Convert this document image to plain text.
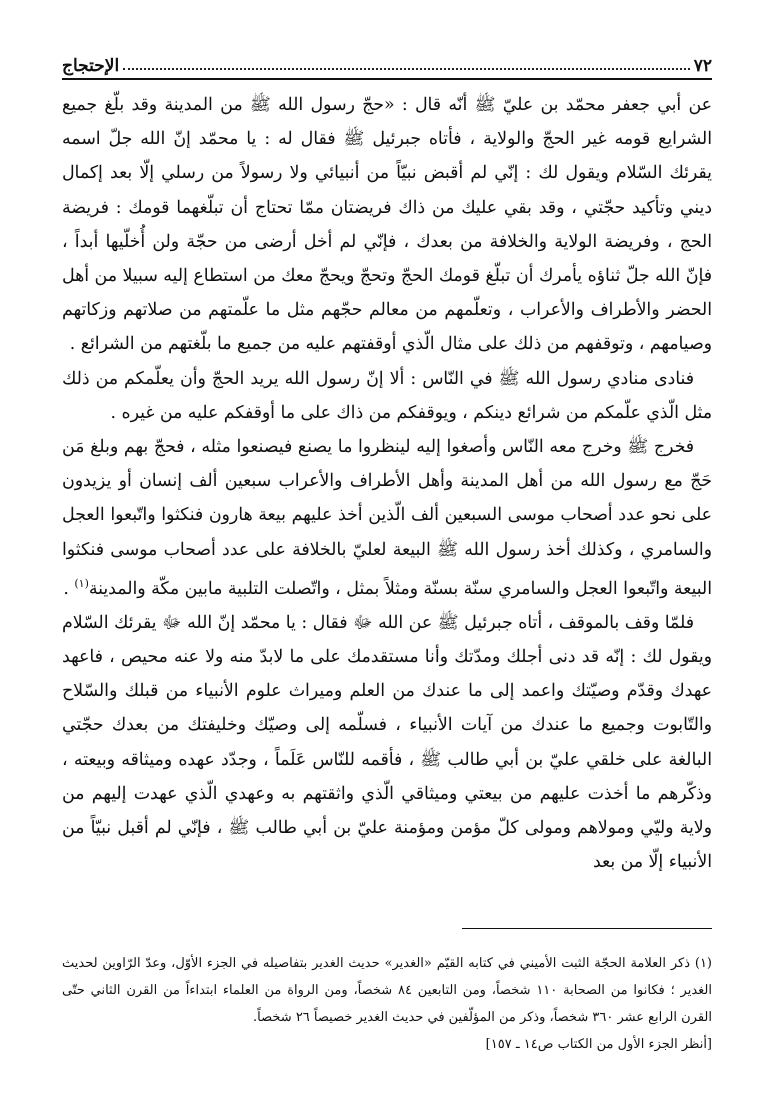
٧٢
الإحتجاج

عن أبي جعفر محمّد بن عليّ ﷺ أنّه قال : «حجّ رسول الله ﷺ من المدينة وقد بلّغ جميع الشرايع قومه غير الحجّ والولاية ، فأتاه جبرئيل ﷺ فقال له : يا محمّد إنّ الله جلّ اسمه يقرئك السّلام ويقول لك : إنّي لم أقبض نبيّاً من أنبيائي ولا رسولاً من رسلي إلّا بعد إكمال ديني وتأكيد حجّتي ، وقد بقي عليك من ذاك فريضتان ممّا تحتاج أن تبلّغهما قومك : فريضة الحج ، وفريضة الولاية والخلافة من بعدك ، فإنّي لم أخل أرضى من حجّة ولن أُخلّيها أبداً ، فإنّ الله جلّ ثناؤه يأمرك أن تبلّغ قومك الحجّ وتحجّ ويحجّ معك من استطاع إليه سبيلا من أهل الحضر والأطراف والأعراب ، وتعلّمهم من معالم حجّهم مثل ما علّمتهم من صلاتهم وزكاتهم وصيامهم ، وتوقفهم من ذلك على مثال الّذي أوقفتهم عليه من جميع ما بلّغتهم من الشرائع .

فنادى منادي رسول الله ﷺ في النّاس : ألا إنّ رسول الله يريد الحجّ وأن يعلّمكم من ذلك مثل الّذي علّمكم من شرائع دينكم ، ويوقفكم من ذاك على ما أوقفكم عليه من غيره .

فخرج ﷺ وخرج معه النّاس وأصغوا إليه لينظروا ما يصنع فيصنعوا مثله ، فحجّ بهم وبلغ مَن حَجّ مع رسول الله من أهل المدينة وأهل الأطراف والأعراب سبعين ألف إنسان أو يزيدون على نحو عدد أصحاب موسى السبعين ألف الّذين أخذ عليهم بيعة هارون فنكثوا واتّبعوا العجل والسامري ، وكذلك أخذ رسول الله ﷺ البيعة لعليّ بالخلافة على عدد أصحاب موسى فنكثوا البيعة واتّبعوا العجل والسامري سنّة بسنّة ومثلاً بمثل ، واتّصلت التلبية مابين مكّة والمدينة$^{(١)}$ .

فلمّا وقف بالموقف ، أتاه جبرئيل ﷺ عن الله ﷻ فقال : يا محمّد إنّ الله ﷻ يقرئك السّلام ويقول لك : إنّه قد دنى أجلك ومدّتك وأنا مستقدمك على ما لابدّ منه ولا عنه محيص ، فاعهد عهدك وقدّم وصيّتك واعمد إلى ما عندك من العلم وميراث علوم الأنبياء من قبلك والسّلاح والتّابوت وجميع ما عندك من آيات الأنبياء ، فسلّمه إلى وصيّك وخليفتك من بعدك حجّتي البالغة على خلقي عليّ بن أبي طالب ﷺ ، فأقمه للنّاس عَلَماً ، وجدّد عهده وميثاقه وبيعته ، وذكّرهم ما أخذت عليهم من بيعتي وميثاقي الّذي واثقتهم به وعهدي الّذي عهدت إليهم من ولاية وليّي ومولاهم ومولى كلّ مؤمن ومؤمنة عليّ بن أبي طالب ﷺ ، فإنّي لم أقبل نبيّاً من الأنبياء إلّا من بعد

(١) ذكر العلامة الحجّة الثبت الأميني في كتابه القيّم «الغدير» حديث الغدير بتفاصيله في الجزء الأوّل، وعدّ الرّاوين لحديث الغدير ؛ فكانوا من الصحابة ١١٠ شخصاً، ومن التابعين ٨٤ شخصاً، ومن الرواة من العلماء ابتداءاً من القرن الثاني حتّى القرن الرابع عشر ٣٦٠ شخصاً، وذكر من المؤلّفين في حديث الغدير خصيصاً ٢٦ شخصاً.

[أنظر الجزء الأول من الكتاب ص١٤ ـ ١٥٧]
